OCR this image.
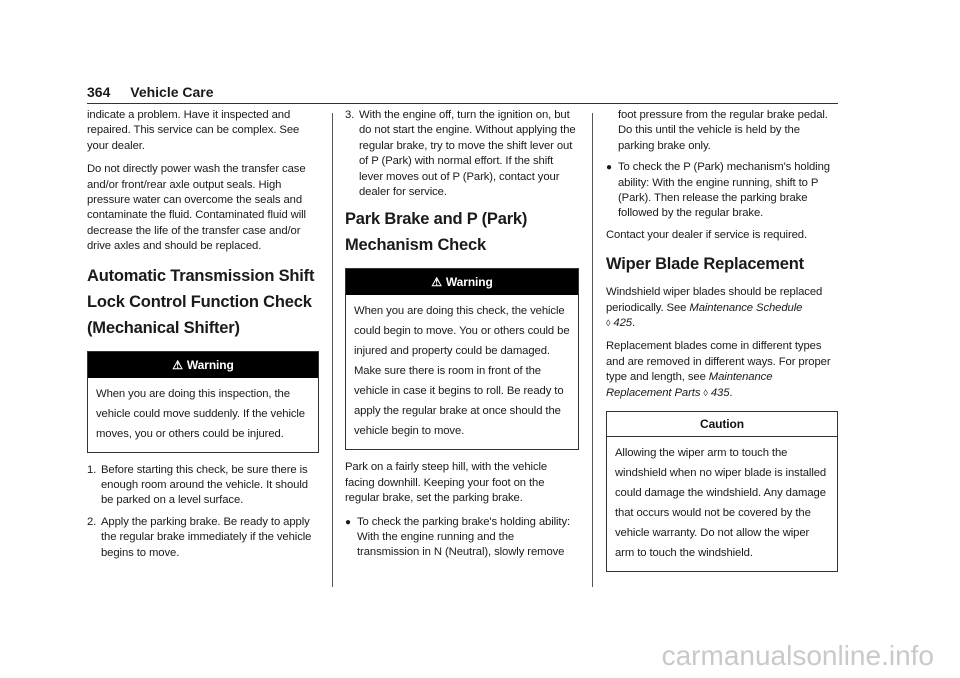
364 Vehicle Care

indicate a problem. Have it inspected and repaired. This service can be complex. See your dealer.

Do not directly power wash the transfer case and/or front/rear axle output seals. High pressure water can overcome the seals and contaminate the fluid. Contaminated fluid will decrease the life of the transfer case and/or drive axles and should be replaced.

Automatic Transmission Shift Lock Control Function Check (Mechanical Shifter)
⚠ Warning
When you are doing this inspection, the vehicle could move suddenly. If the vehicle moves, you or others could be injured.
1. Before starting this check, be sure there is enough room around the vehicle. It should be parked on a level surface.
2. Apply the parking brake. Be ready to apply the regular brake immediately if the vehicle begins to move.
3. With the engine off, turn the ignition on, but do not start the engine. Without applying the regular brake, try to move the shift lever out of P (Park) with normal effort. If the shift lever moves out of P (Park), contact your dealer for service.
Park Brake and P (Park) Mechanism Check
⚠ Warning
When you are doing this check, the vehicle could begin to move. You or others could be injured and property could be damaged. Make sure there is room in front of the vehicle in case it begins to roll. Be ready to apply the regular brake at once should the vehicle begin to move.

Park on a fairly steep hill, with the vehicle facing downhill. Keeping your foot on the regular brake, set the parking brake.

● To check the parking brake's holding ability: With the engine running and the transmission in N (Neutral), slowly remove
foot pressure from the regular brake pedal. Do this until the vehicle is held by the parking brake only.
● To check the P (Park) mechanism's holding ability: With the engine running, shift to P (Park). Then release the parking brake followed by the regular brake.

Contact your dealer if service is required.

Wiper Blade Replacement

Windshield wiper blades should be replaced periodically. See Maintenance Schedule
◊ 425.

Replacement blades come in different types and are removed in different ways. For proper type and length, see Maintenance Replacement Parts ◊ 435.

Caution
Allowing the wiper arm to touch the windshield when no wiper blade is installed could damage the windshield. Any damage that occurs would not be covered by the vehicle warranty. Do not allow the wiper arm to touch the windshield.
carmanualsonline.info
